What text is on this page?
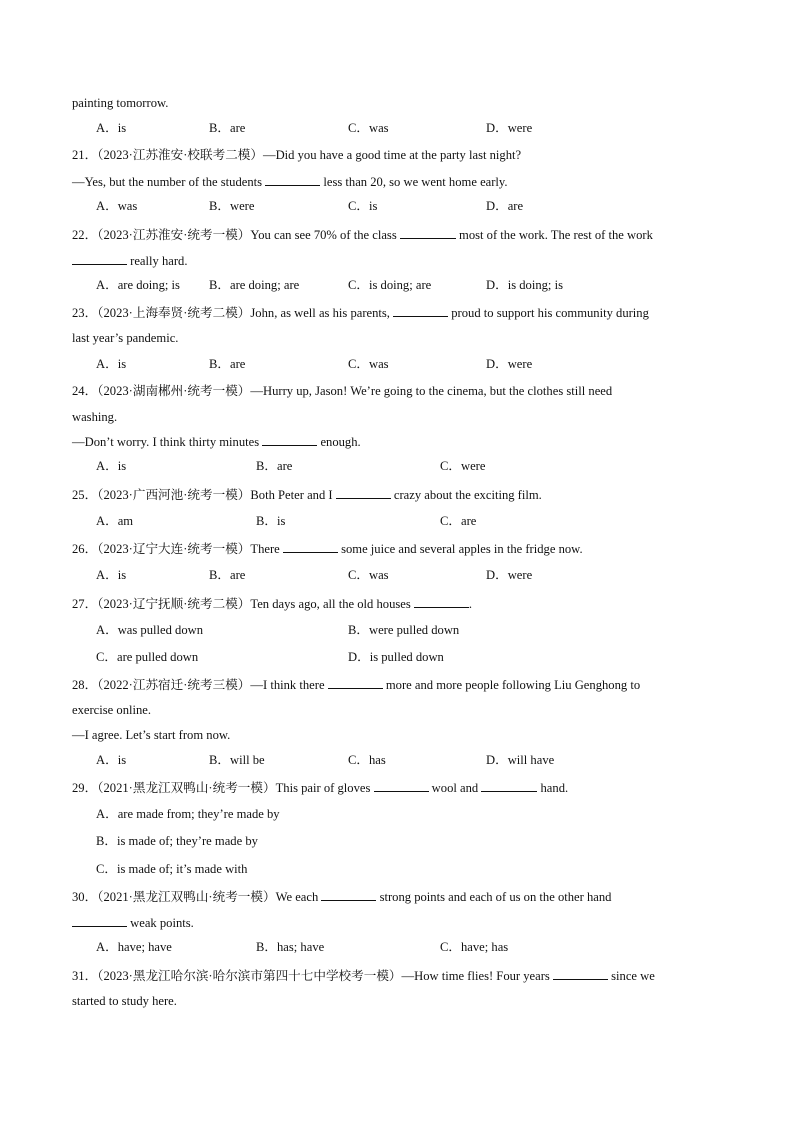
painting tomorrow.
A．is	B．are	C．was	D．were
21．（2023·江苏淮安·校联考二模）—Did you have a good time at the party last night?
—Yes, but the number of the students	less than 20, so we went home early.
A．was	B．were	C．is	D．are
22．（2023·江苏淮安·统考一模）You can see 70% of the class	most of the work. The rest of the work
really hard.
A．are doing; is B．are doing; are	C．is doing; are	D．is doing; is
23．（2023·上海奉贤·统考二模）John, as well as his parents,	proud to support his community during
last year’s pandemic.
A．is	B．are	C．was	D．were
24．（2023·湖南郴州·统考一模）—Hurry up, Jason! We’re going to the cinema, but the clothes still need
washing.
—Don’t worry. I think thirty minutes	enough.
A．is	B．are	C．were
25．（2023·广西河池·统考一模）Both Peter and I	crazy about the exciting film.
A．am	B．is	C．are
26．（2023·辽宁大连·统考一模）There	some juice and several apples in the fridge now.
A．is	B．are	C．was	D．were
27．（2023·辽宁抚顺·统考二模）Ten days ago, all the old houses	.
A．was pulled down	B．were pulled down
C．are pulled down	D．is pulled down
28．（2022·江苏宿迁·统考三模）—I think there	more and more people following Liu Genghong to
exercise online.
—I agree. Let’s start from now.
A．is	B．will be	C．has	D．will have
29．（2021·黑龙江双鸭山·统考一模）This pair of gloves	wool and	hand.
A．are made from; they’re made by
B．is made of; they’re made by
C．is made of; it’s made with
30．（2021·黑龙江双鸭山·统考一模）We each	strong points and each of us on the other hand
weak points.
A．have; have	B．has; have	C．have; has
31．（2023·黑龙江哈尔滨·哈尔滨市第四十七中学校考一模）—How time flies! Four years	since we
started to study here.
